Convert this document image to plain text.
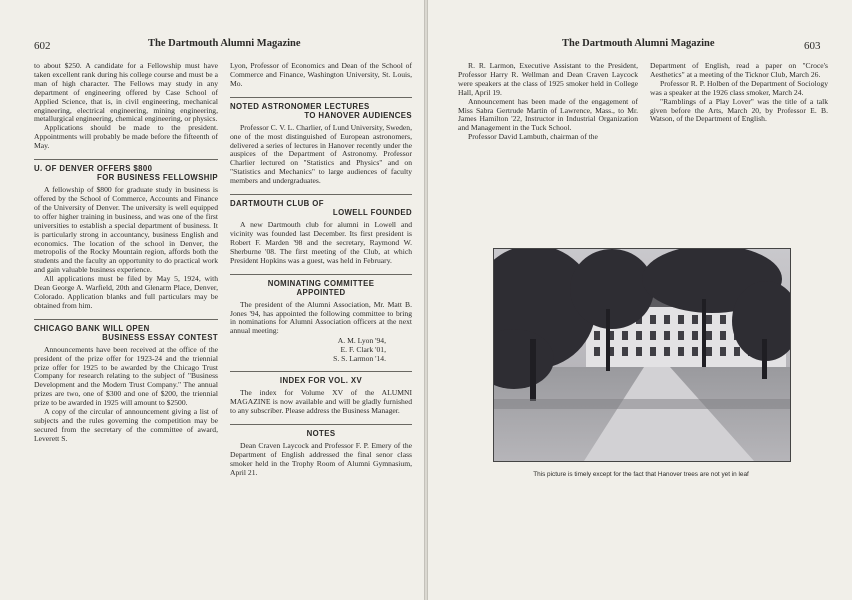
602	The Dartmouth Alumni Magazine

to about $250. A candidate for a Fellowship must have taken excellent rank during his college course and must be a man of high character. The Fellows may study in any department of engineering offered by Case School of Applied Science, that is, in civil engineering, mechanical engineering, electrical engineering, mining engineering, metallurgical engineering, chemical engineering, or physics.

Applications should be made to the president. Appointments will probably be made before the fifteenth of May.

U. OF DENVER OFFERS $800
FOR BUSINESS FELLOWSHIP

A fellowship of $800 for graduate study in business is offered by the School of Commerce, Accounts and Finance of the University of Denver. The university is well equipped to offer higher training in business, and was one of the first universities to establish a special department of business. It is particularly strong in accountancy, business English and economics. The location of the school in Denver, the metropolis of the Rocky Mountain region, affords both the students and the faculty an opportunity to do practical work and gain valuable business experience.

All applications must be filed by May 5, 1924, with Dean George A. Warfield, 20th and Glenarm Place, Denver, Colorado. Application blanks and full particulars may be obtained from him.

CHICAGO BANK WILL OPEN
BUSINESS ESSAY CONTEST

Announcements have been received at the office of the president of the prize offer for 1923-24 and the triennial prize offer for 1925 to be awarded by the Chicago Trust Company for research relating to the subject of "Business Development and the Modern Trust Company." The annual prizes are two, one of $300 and one of $200, the triennial prize to be awarded in 1925 will amount to $2500.

A copy of the circular of announcement giving a list of subjects and the rules governing the competition may be secured from the secretary of the committee of award, Leverett S.

Lyon, Professor of Economics and Dean of the School of Commerce and Finance, Washington University, St. Louis, Mo.

NOTED ASTRONOMER LECTURES
TO HANOVER AUDIENCES

Professor C. V. L. Charlier, of Lund University, Sweden, one of the most distinguished of European astronomers, delivered a series of lectures in Hanover recently under the auspices of the Department of Astronomy. Professor Charlier lectured on "Statistics and Physics" and on "Statistics and Mechanics" to large audiences of faculty members and undergraduates.

DARTMOUTH CLUB OF
LOWELL FOUNDED

A new Dartmouth club for alumni in Lowell and vicinity was founded last December. Its first president is Robert F. Marden '98 and the secretary, Raymond W. Sherburne '08. The first meeting of the Club, at which President Hopkins was a guest, was held in February.

NOMINATING COMMITTEE
APPOINTED

The president of the Alumni Association, Mr. Matt B. Jones '94, has appointed the following committee to bring in nominations for Alumni Association officers at the next annual meeting:

A. M. Lyon '94,
E. F. Clark '01,
S. S. Larmon '14.
INDEX FOR VOL. XV

The index for Volume XV of the ALUMNI MAGAZINE is now available and will be gladly furnished to any subscriber. Please address the Business Manager.

NOTES

Dean Craven Laycock and Professor F. P. Emery of the Department of English addressed the final senor class smoker held in the Trophy Room of Alumni Gymnasium, April 21.

The Dartmouth Alumni Magazine	603

R. R. Larmon, Executive Assistant to the President, Professor Harry R. Wellman and Dean Craven Laycock were speakers at the class of 1925 smoker held in College Hall, April 19.

Announcement has been made of the engagement of Miss Sabra Gertrude Martin of Lawrence, Mass., to Mr. James Hamilton '22, Instructor in Industrial Organization and Management in the Tuck School.

Professor David Lambuth, chairman of the

Department of English, read a paper on "Croce's Aesthetics" at a meeting of the Ticknor Club, March 26.

Professor R. P. Holben of the Department of Sociology was a speaker at the 1926 class smoker, March 24.

"Ramblings of a Play Lover" was the title of a talk given before the Arts, March 20, by Professor E. B. Watson, of the Department of English.

This picture is timely except for the fact that Hanover trees are not yet in leaf
